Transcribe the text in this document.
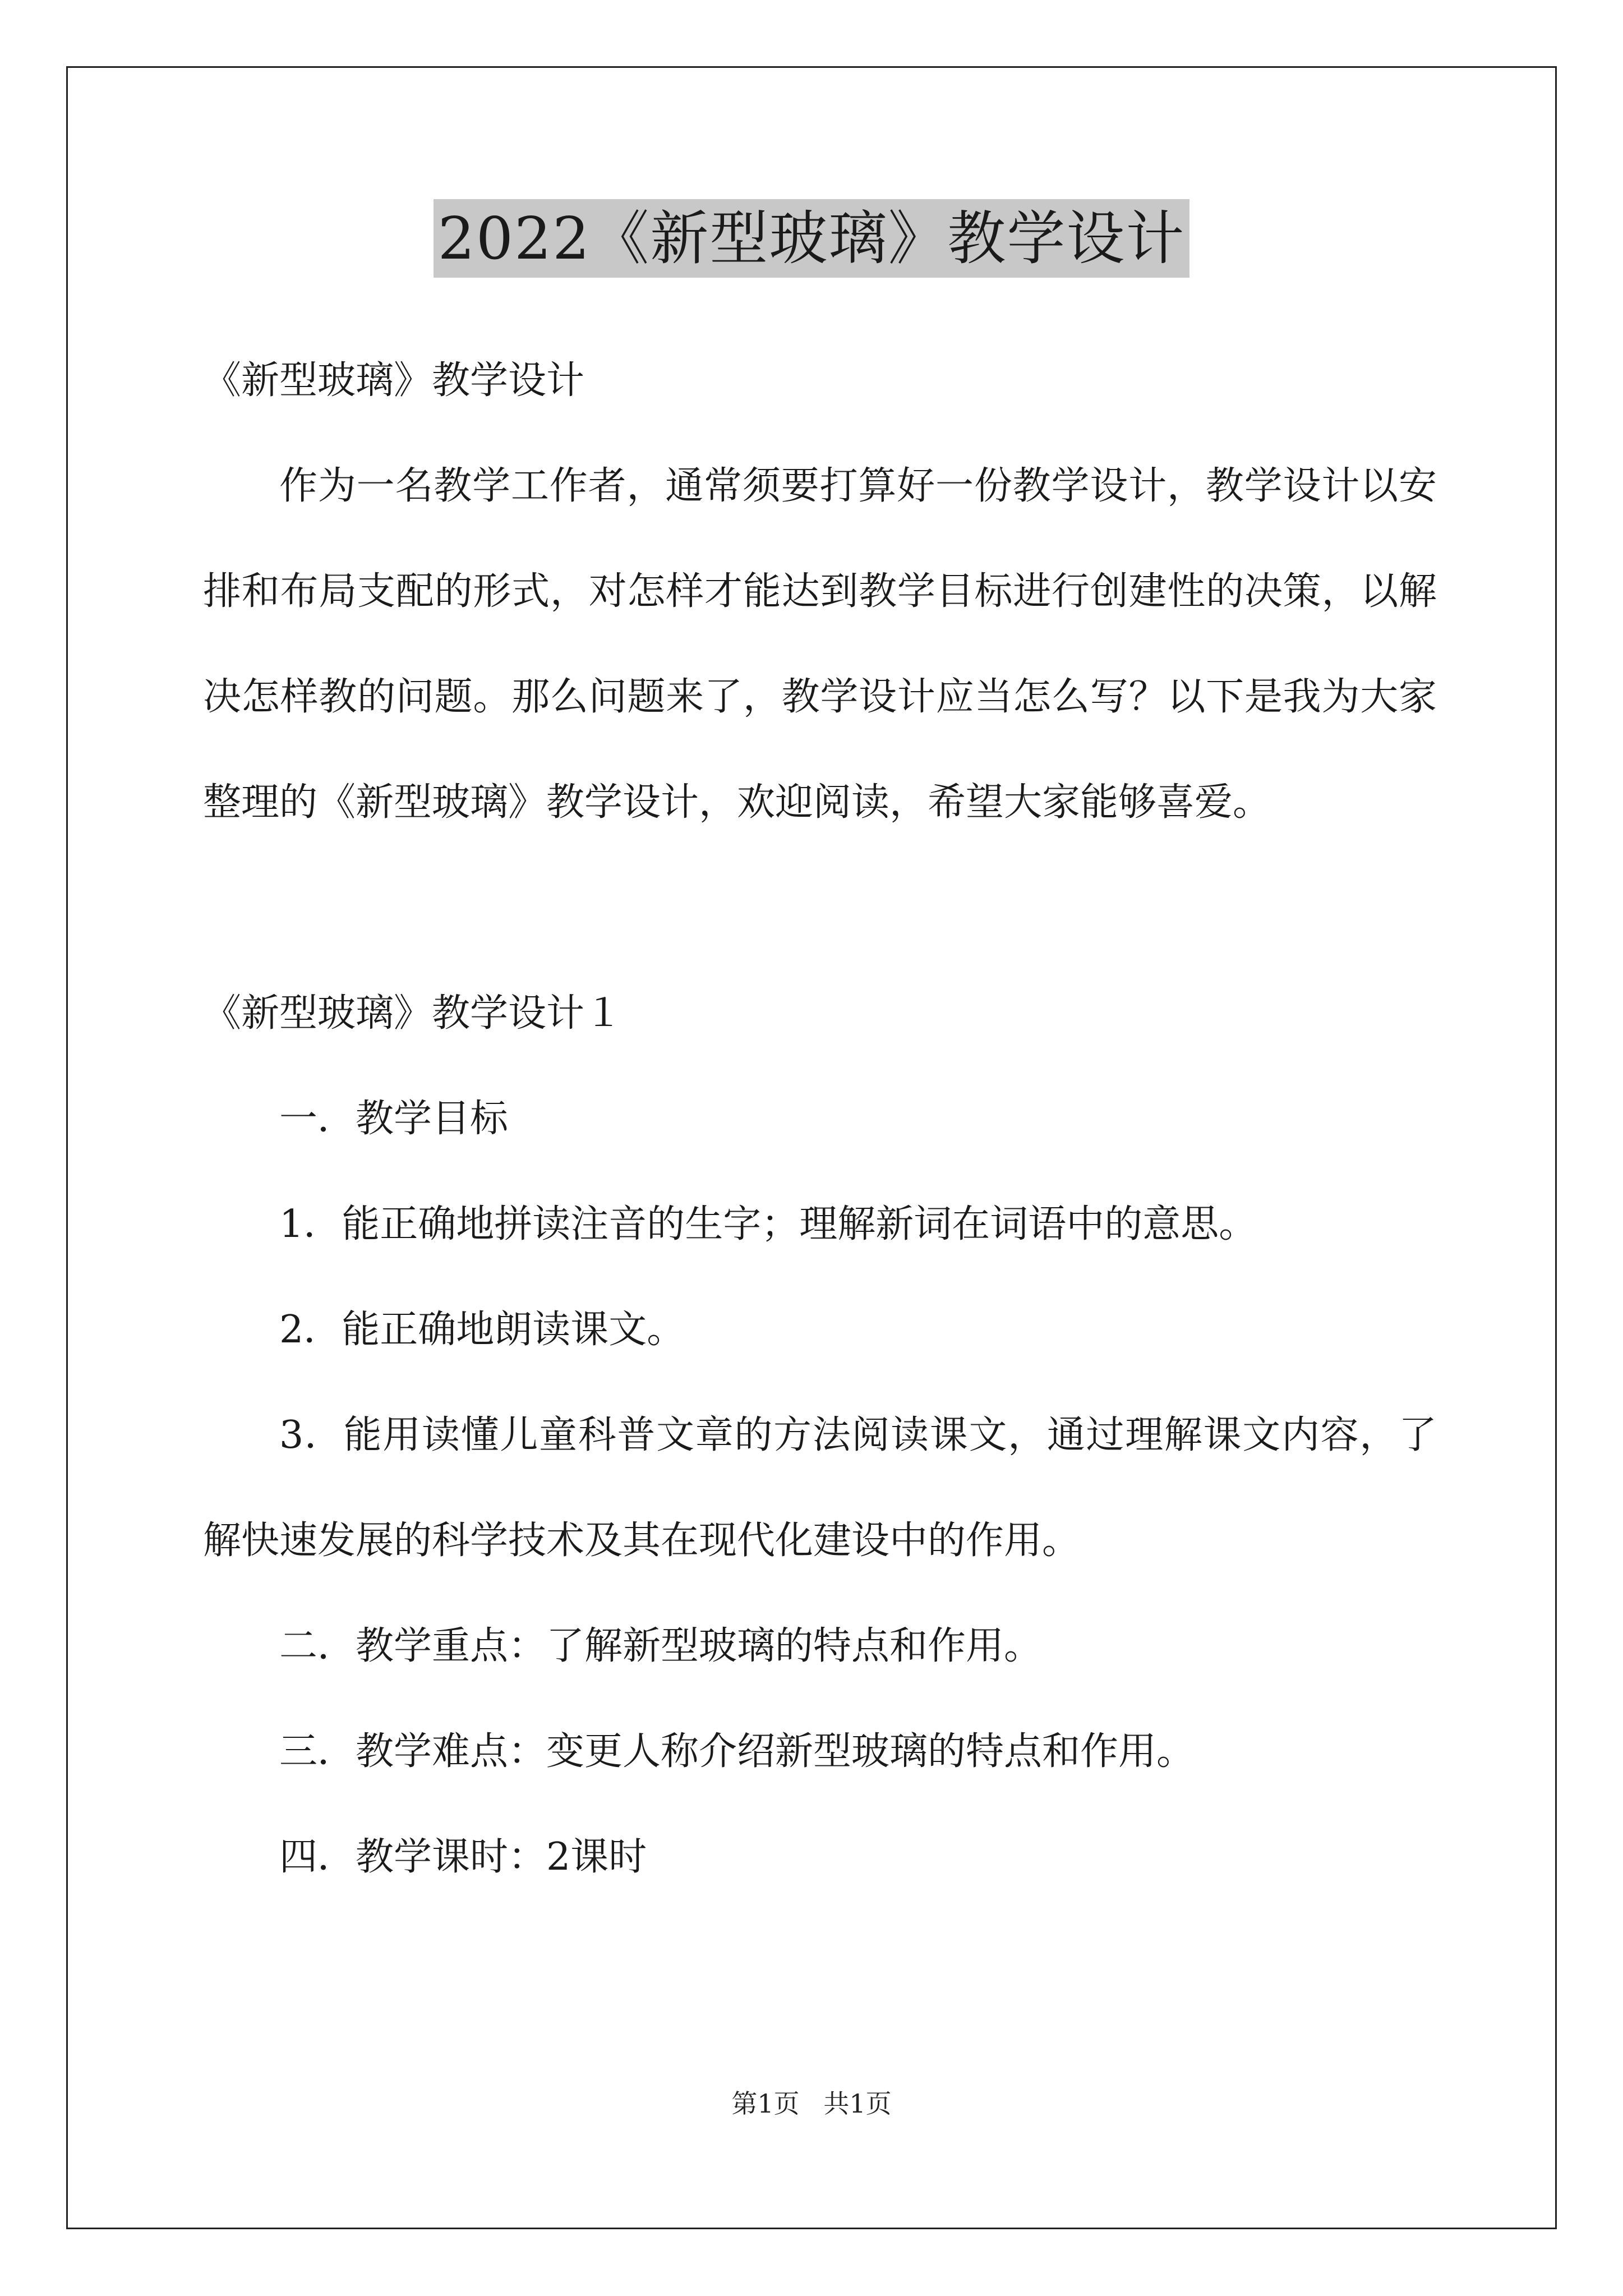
2022《新型玻璃》教学设计

《新型玻璃》教学设计

作为一名教学工作者，通常须要打算好一份教学设计，教学设计以安排和布局支配的形式，对怎样才能达到教学目标进行创建性的决策，以解决怎样教的问题。那么问题来了，教学设计应当怎么写？以下是我为大家整理的《新型玻璃》教学设计，欢迎阅读，希望大家能够喜爱。

《新型玻璃》教学设计１

一．教学目标

1．能正确地拼读注音的生字；理解新词在词语中的意思。

2．能正确地朗读课文。

3．能用读懂儿童科普文章的方法阅读课文，通过理解课文内容，了解快速发展的科学技术及其在现代化建设中的作用。

二．教学重点：了解新型玻璃的特点和作用。

三．教学难点：变更人称介绍新型玻璃的特点和作用。

四．教学课时：2课时

第1页 共1页
